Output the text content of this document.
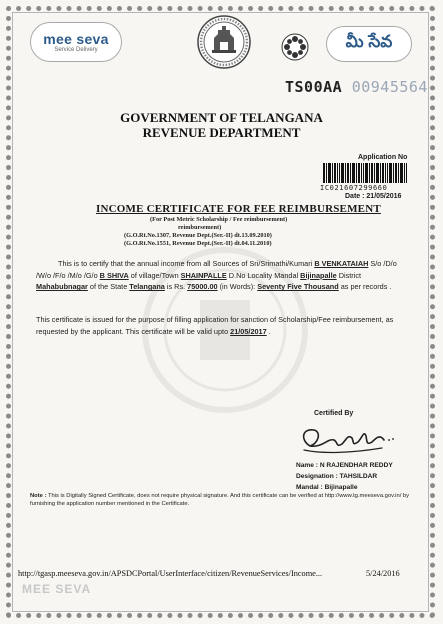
mee seva
Service Delivery	మీ సేవ
TS00AA 00945564
GOVERNMENT OF TELANGANA
REVENUE DEPARTMENT
Application No
IC021607299660
Date : 21/05/2016
INCOME CERTIFICATE FOR FEE REIMBURSEMENT
(For Post Metric Scholarship / Fee reimbursement)
reimbursement)
(G.O.Rt.No.1307, Revenue Dept.(Ser.-II) dt.13.09.2010)
(G.O.Rt.No.1551, Revenue Dept.(Ser.-II) dt.04.11.2010)
This is to certify that the annual income from all Sources of Sri/Srimathi/Kumari B VENKATAIAH S/o /D/o /W/o /F/o /M/o /G/o B SHIVA of village/Town SHAINPALLE D.No Locality Mandal Bijinapalle District Mahabubnagar of the State Telangana is Rs. 75000.00 (in Words): Seventy Five Thousand as per records .
This certificate is issued for the purpose of filling application for sanction of Scholarship/Fee reimbursement, as requested by the applicant. This certificate will be valid upto 21/05/2017 .
Certified By
Name : N RAJENDHAR REDDY
Designation : TAHSILDAR
Mandal : Bijinapalle
Note : This is Digitally Signed Certificate, does not require physical signature. And this certificate can be verified at http://www.tg.meeseva.gov.in/ by furnishing the application number mentioned in the Certificate.
http://tgasp.meeseva.gov.in/APSDCPortal/UserInterface/citizen/RevenueServices/Income...	5/24/2016
MEE SEVA
